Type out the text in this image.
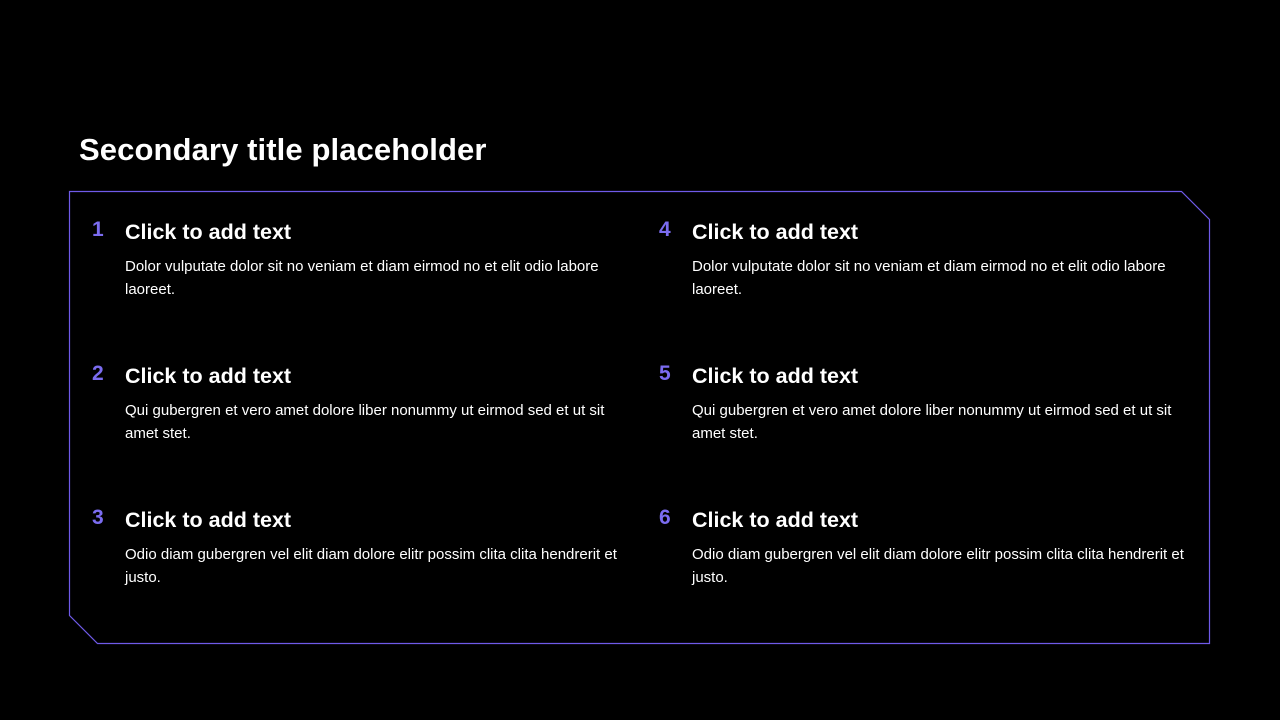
Secondary title placeholder
1 Click to add text

Dolor vulputate dolor sit no veniam et diam eirmod no et elit odio labore laoreet.

2 Click to add text

Qui gubergren et vero amet dolore liber nonummy ut eirmod sed et ut sit amet stet.

3 Click to add text

Odio diam gubergren vel elit diam dolore elitr possim clita clita hendrerit et justo.

4 Click to add text

Dolor vulputate dolor sit no veniam et diam eirmod no et elit odio labore laoreet.

5 Click to add text

Qui gubergren et vero amet dolore liber nonummy ut eirmod sed et ut sit amet stet.

6 Click to add text

Odio diam gubergren vel elit diam dolore elitr possim clita clita hendrerit et justo.
